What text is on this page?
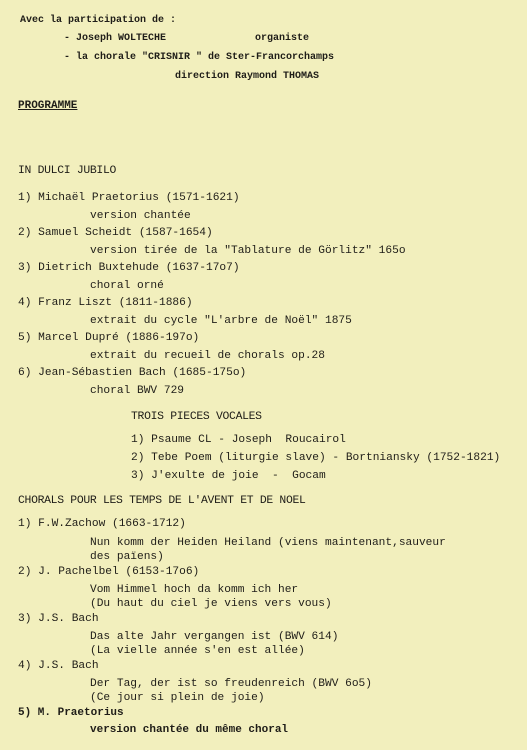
Avec la participation de :
- Joseph WOLTECHE	organiste
- la chorale "CRISNIR " de Ster-Francorchamps
direction Raymond THOMAS
PROGRAMME
IN DULCI JUBILO
1) Michaël Praetorius (1571-1621)
version chantée
2) Samuel Scheidt (1587-1654)
version tirée de la "Tablature de Görlitz" 165o
3) Dietrich Buxtehude (1637-17o7)
choral orné
4) Franz Liszt (1811-1886)
extrait du cycle "L'arbre de Noël" 1875
5) Marcel Dupré (1886-197o)
extrait du recueil de chorals op.28
6) Jean-Sébastien Bach (1685-175o)
choral BWV 729
TROIS PIECES VOCALES
1) Psaume CL - Joseph  Roucairol
2) Tebe Poem (liturgie slave) - Bortniansky (1752-1821)
3) J'exulte de joie  -  Gocam
CHORALS POUR LES TEMPS DE L'AVENT ET DE NOEL
1) F.W.Zachow (1663-1712)
Nun komm der Heiden Heiland (viens maintenant,sauveur
des païens)
2) J. Pachelbel (6153-17o6)
Vom Himmel hoch da komm ich her
(Du haut du ciel je viens vers vous)
3) J.S. Bach
Das alte Jahr vergangen ist (BWV 614)
(La vielle année s'en est allée)
4) J.S. Bach
Der Tag, der ist so freudenreich (BWV 6o5)
(Ce jour si plein de joie)
5) M. Praetorius
version chantée du même choral
